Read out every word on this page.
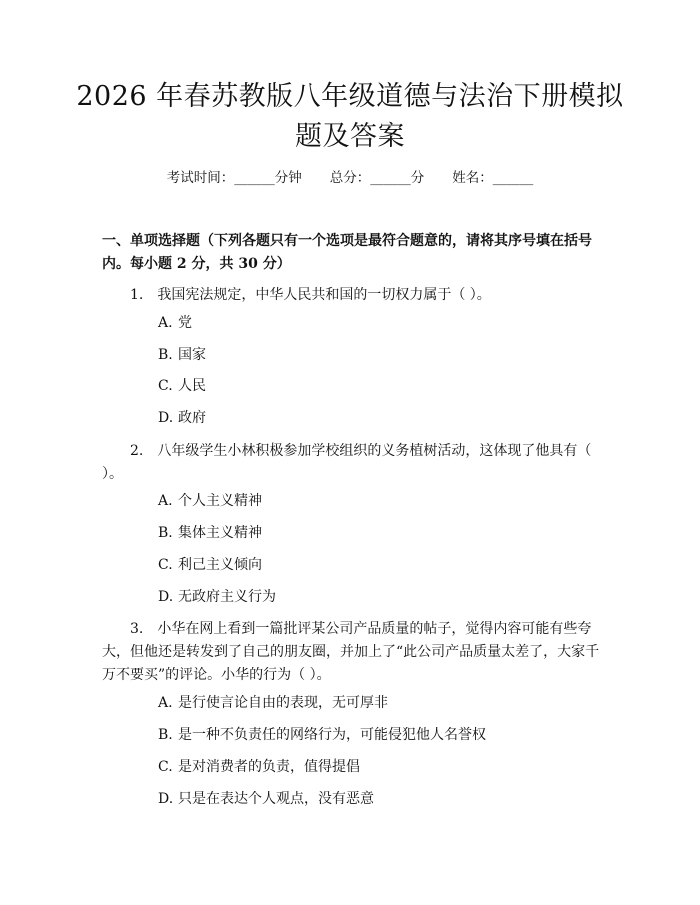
2026 年春苏教版八年级道德与法治下册模拟
题及答案
考试时间：______分钟 总分：______分 姓名：______
一、单项选择题（下列各题只有一个选项是最符合题意的，请将其序号填在括号内。每小题 2 分，共 30 分）
1.　我国宪法规定，中华人民共和国的一切权力属于（ ）。
A. 党
B. 国家
C. 人民
D. 政府
2.　八年级学生小林积极参加学校组织的义务植树活动，这体现了他具有（ ）。
A. 个人主义精神
B. 集体主义精神
C. 利己主义倾向
D. 无政府主义行为
3.　小华在网上看到一篇批评某公司产品质量的帖子，觉得内容可能有些夸大，但他还是转发到了自己的朋友圈，并加上了“此公司产品质量太差了，大家千万不要买”的评论。小华的行为（ ）。
A. 是行使言论自由的表现，无可厚非
B. 是一种不负责任的网络行为，可能侵犯他人名誉权
C. 是对消费者的负责，值得提倡
D. 只是在表达个人观点，没有恶意
